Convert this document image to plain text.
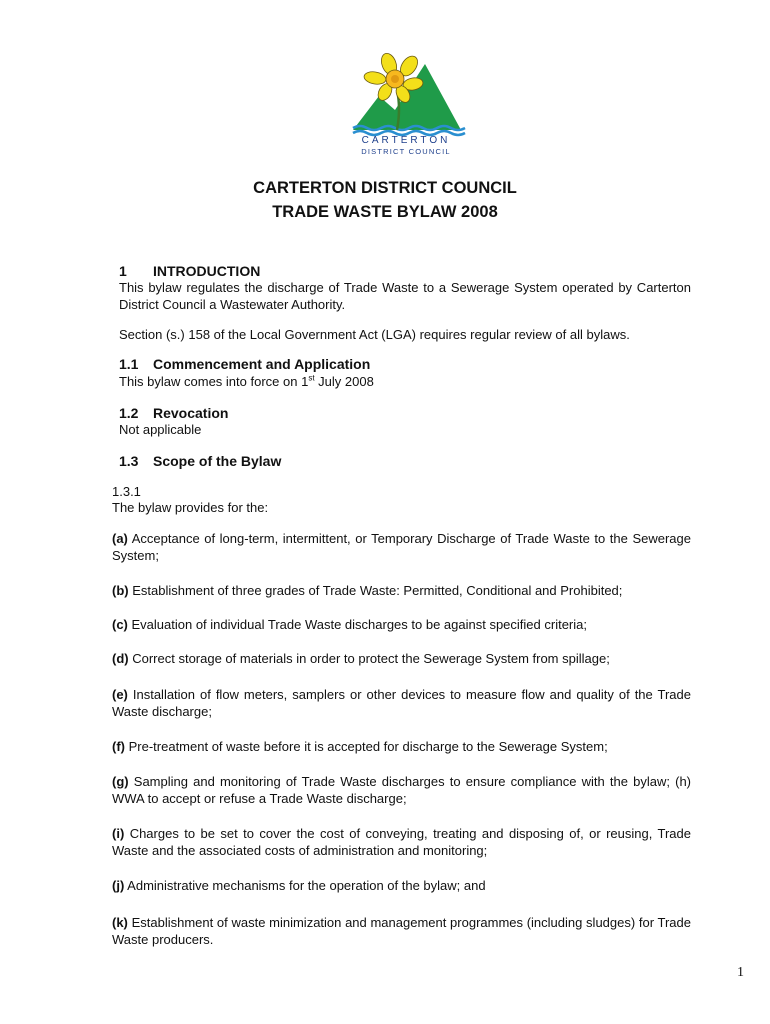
CARTERTON
DISTRICT COUNCIL
CARTERTON DISTRICT COUNCIL
TRADE WASTE BYLAW 2008
1 INTRODUCTION
This bylaw regulates the discharge of Trade Waste to a Sewerage System operated by Carterton District Council a Wastewater Authority.
Section (s.) 158 of the Local Government Act (LGA) requires regular review of all bylaws.
1.1 Commencement and Application
This bylaw comes into force on 1st July 2008
1.2 Revocation
Not applicable
1.3 Scope of the Bylaw
1.3.1
The bylaw provides for the:
(a) Acceptance of long-term, intermittent, or Temporary Discharge of Trade Waste to the Sewerage System;
(b) Establishment of three grades of Trade Waste: Permitted, Conditional and Prohibited;
(c) Evaluation of individual Trade Waste discharges to be against specified criteria;
(d) Correct storage of materials in order to protect the Sewerage System from spillage;
(e) Installation of flow meters, samplers or other devices to measure flow and quality of the Trade Waste discharge;
(f) Pre-treatment of waste before it is accepted for discharge to the Sewerage System;
(g) Sampling and monitoring of Trade Waste discharges to ensure compliance with the bylaw; (h) WWA to accept or refuse a Trade Waste discharge;
(i) Charges to be set to cover the cost of conveying, treating and disposing of, or reusing, Trade Waste and the associated costs of administration and monitoring;
(j) Administrative mechanisms for the operation of the bylaw; and
(k) Establishment of waste minimization and management programmes (including sludges) for Trade Waste producers.
1
